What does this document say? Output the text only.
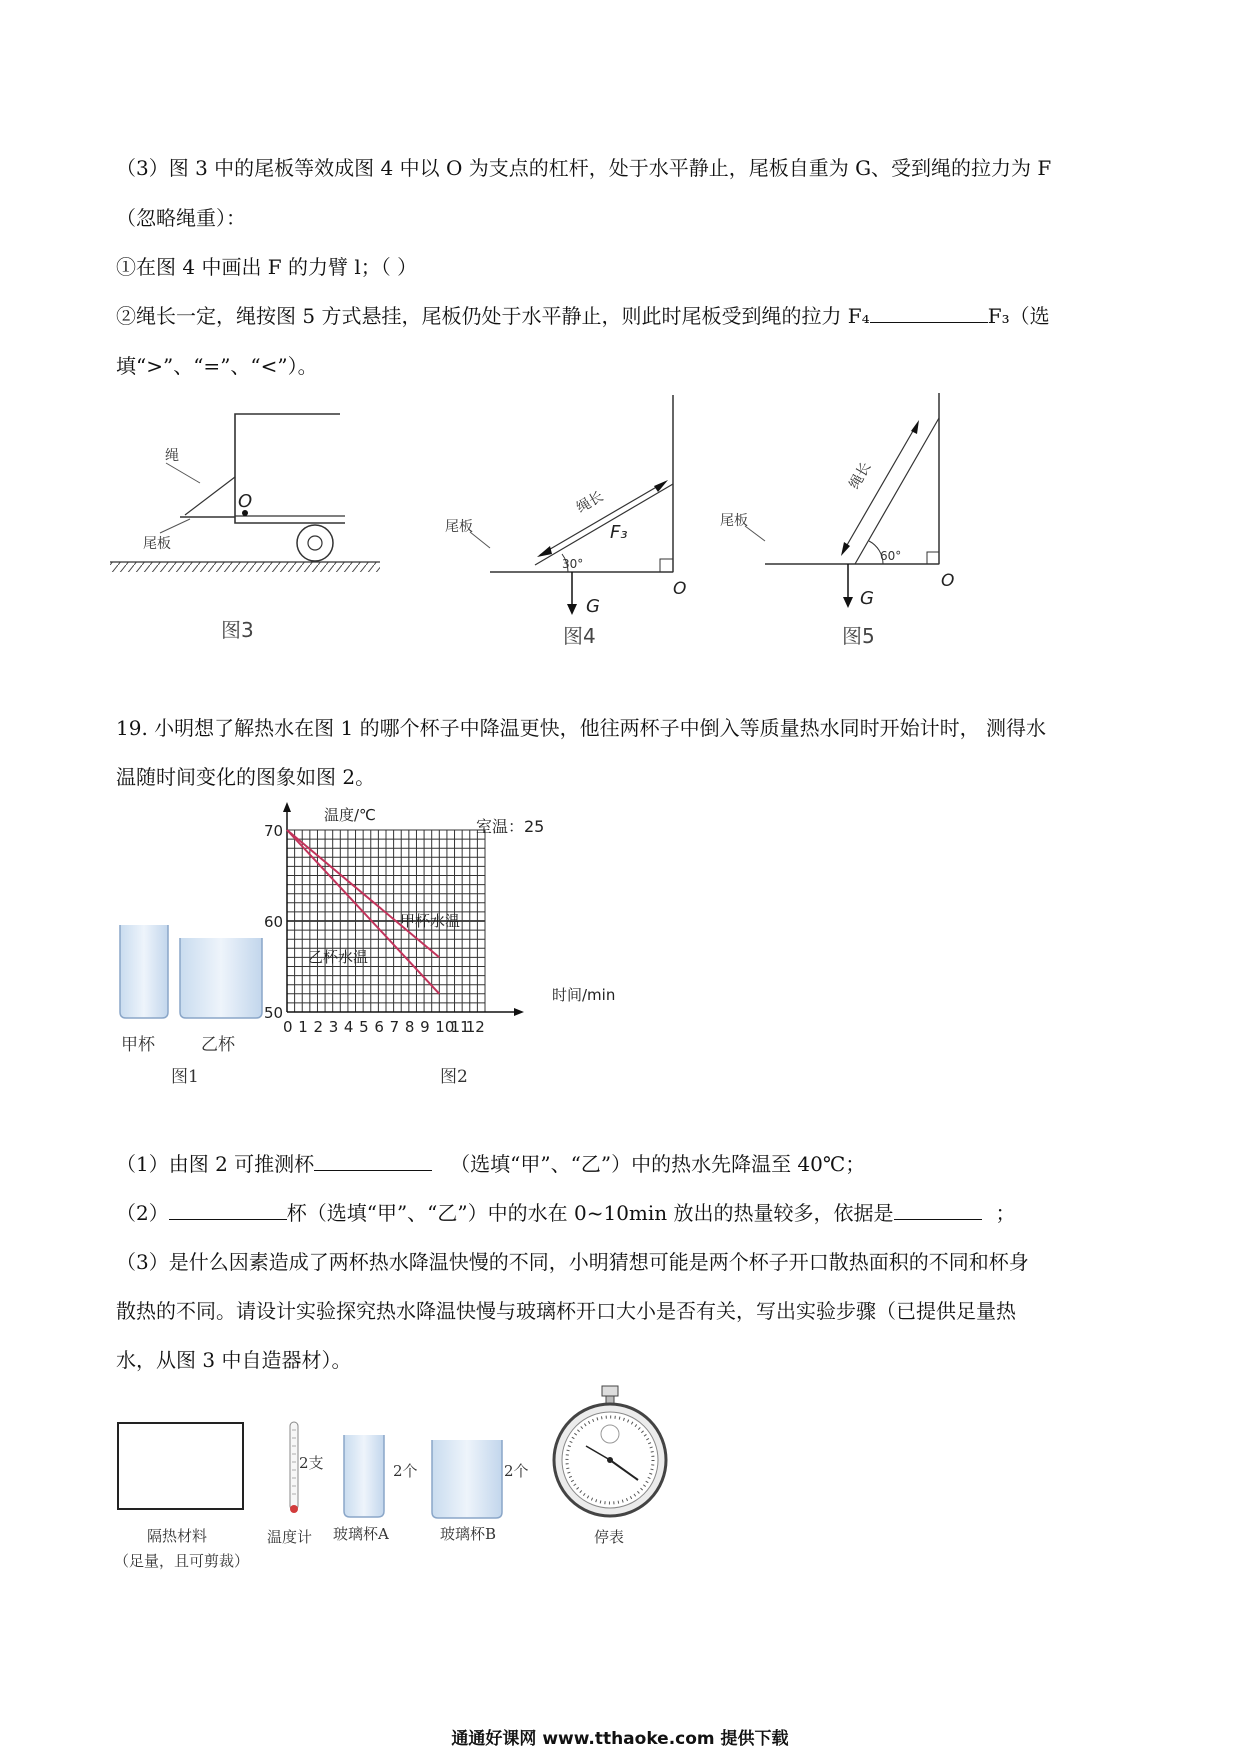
（3）图 3 中的尾板等效成图 4 中以 O 为支点的杠杆，处于水平静止，尾板自重为 G、受到绳的拉力为 F
（忽略绳重）：
①在图 4 中画出 F 的力臂 l；（ ）
②绳长一定，绳按图 5 方式悬挂，尾板仍处于水平静止，则此时尾板受到绳的拉力 F₄	F₃（选
填“>”、“=”、“<”）。
绳
O
尾板
图3
尾板
绳长
F₃
30°
G
O
图4
尾板
绳长
60°
G
O
图5
19. 小明想了解热水在图 1 的哪个杯子中降温更快，他往两杯子中倒入等质量热水同时开始计时， 测得水
温随时间变化的图象如图 2。
甲杯	乙杯
图1
70
60
50
0 1 2 3 4 5 6 7 8 9 10
11
12
甲杯水温
乙杯水温
温度/℃
室温：25
时间/min
图2
（1）由图 2 可推测杯	（选填“甲”、“乙”）中的热水先降温至 40℃；
（2）	杯（选填“甲”、“乙”）中的水在 0~10min 放出的热量较多，依据是	；
（3）是什么因素造成了两杯热水降温快慢的不同，小明猜想可能是两个杯子开口散热面积的不同和杯身
散热的不同。请设计实验探究热水降温快慢与玻璃杯开口大小是否有关，写出实验步骤（已提供足量热
水，从图 3 中自造器材）。
隔热材料
（足量，且可剪裁）
2支
温度计
2个
玻璃杯A
2个
玻璃杯B	停表
通通好课网 www.tthaoke.com 提供下载
